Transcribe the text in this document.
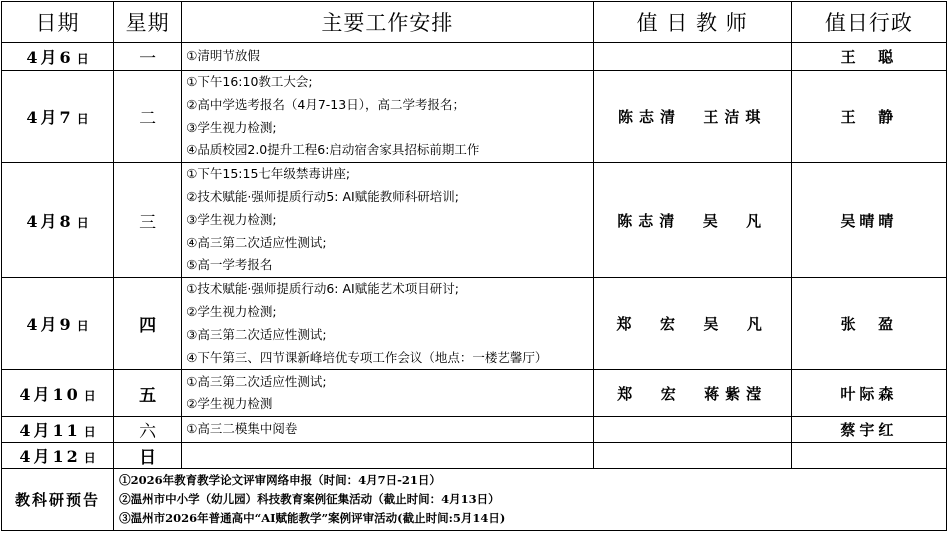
日期	星期	主要工作安排	值 日 教 师	值日行政
4月6 日	一	①清明节放假		王  聪
4月7 日	二	①下午16:10教工大会;
②高中学选考报名（4月7-13日），高二学考报名；
③学生视力检测;
④品质校园2.0提升工程6:启动宿舍家具招标前期工作	陈志清  王洁琪	王  静
4月8 日	三	①下午15:15七年级禁毒讲座;
②技术赋能·强师提质行动5: AI赋能教师科研培训;
③学生视力检测;
④高三第二次适应性测试;
⑤高一学考报名	陈志清  吴  凡	吴晴晴
4月9 日	四	①技术赋能·强师提质行动6: AI赋能艺术项目研讨;
②学生视力检测;
③高三第二次适应性测试;
④下午第三、四节课新峰培优专项工作会议（地点：一楼艺馨厅）	郑  宏  吴  凡	张  盈
4月10 日	五	①高三第二次适应性测试;
②学生视力检测	郑  宏  蒋紫滢	叶际森
4月11 日	六	①高三二模集中阅卷		蔡宇红
4月12 日	日			
教科研预告	①2026年教育教学论文评审网络申报（时间：4月7日-21日）
②温州市中小学（幼儿园）科技教育案例征集活动（截止时间：4月13日）
③温州市2026年普通高中“AI赋能教学”案例评审活动(截止时间:5月14日)			
